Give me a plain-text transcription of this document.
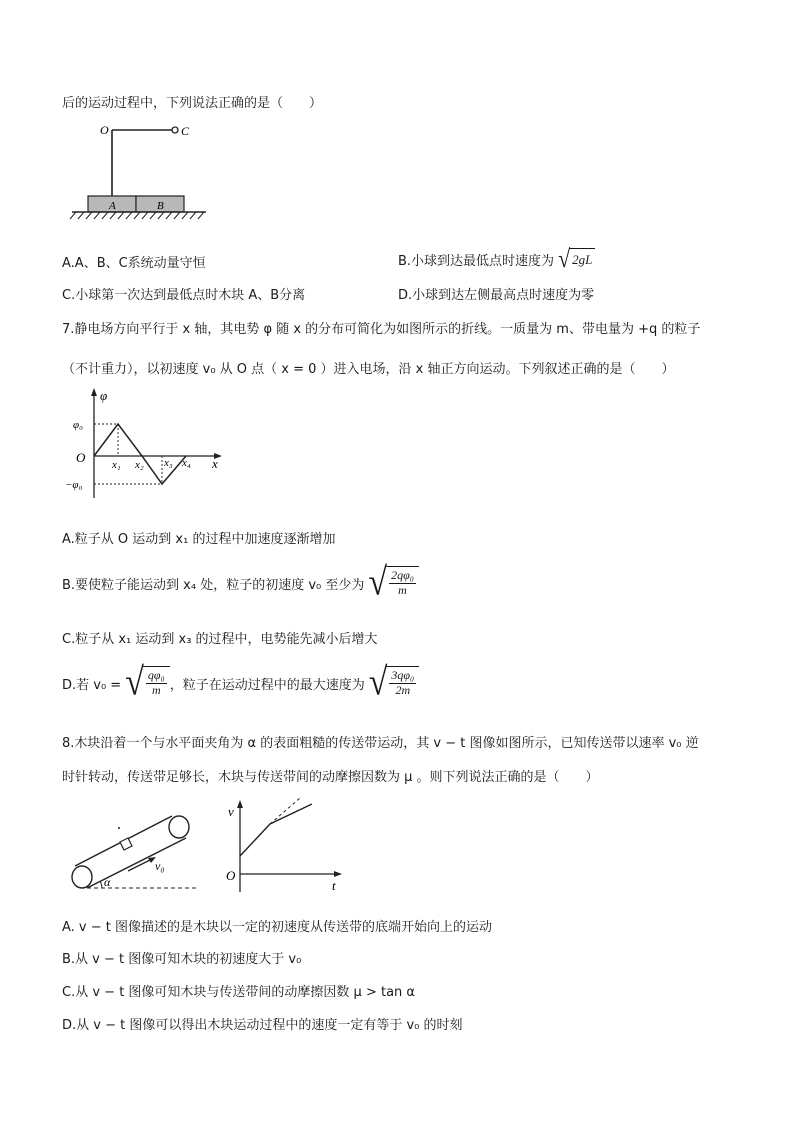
后的运动过程中，下列说法正确的是（　　）
O	C
A	B
A.A、B、C系统动量守恒	B.小球到达最低点时速度为 √ 2gL
C.小球第一次达到最低点时木块 A、B分离	D.小球到达左侧最高点时速度为零
7.静电场方向平行于 x 轴，其电势 φ 随 x 的分布可简化为如图所示的折线。一质量为 m、带电量为 +q 的粒子
（不计重力），以初速度 v₀ 从 O 点（ x = 0 ）进入电场，沿 x 轴正方向运动。下列叙述正确的是（　　）
φ
x
O
φ₀
−φ₀
x₁ x₂ x₃ x₄
A.粒子从 O 运动到 x₁ 的过程中加速度逐渐增加
B.要使粒子能运动到 x₄ 处，粒子的初速度 v₀ 至少为 √ $\frac{\text{2qφ₀}}{m}$
C.粒子从 x₁ 运动到 x₃ 的过程中，电势能先减小后增大
D.若 v₀ = √ $\frac{\text{qφ₀}}{m}$ ，粒子在运动过程中的最大速度为 √ $\frac{\text{3qφ₀}}{2m}$
8.木块沿着一个与水平面夹角为 α 的表面粗糙的传送带运动，其 v − t 图像如图所示，已知传送带以速率 v₀ 逆
时针转动，传送带足够长，木块与传送带间的动摩擦因数为 μ 。则下列说法正确的是（　　）
v₀
α
v
t
O
A. v − t 图像描述的是木块以一定的初速度从传送带的底端开始向上的运动
B.从 v − t 图像可知木块的初速度大于 v₀
C.从 v − t 图像可知木块与传送带间的动摩擦因数 μ > tan α
D.从 v − t 图像可以得出木块运动过程中的速度一定有等于 v₀ 的时刻
